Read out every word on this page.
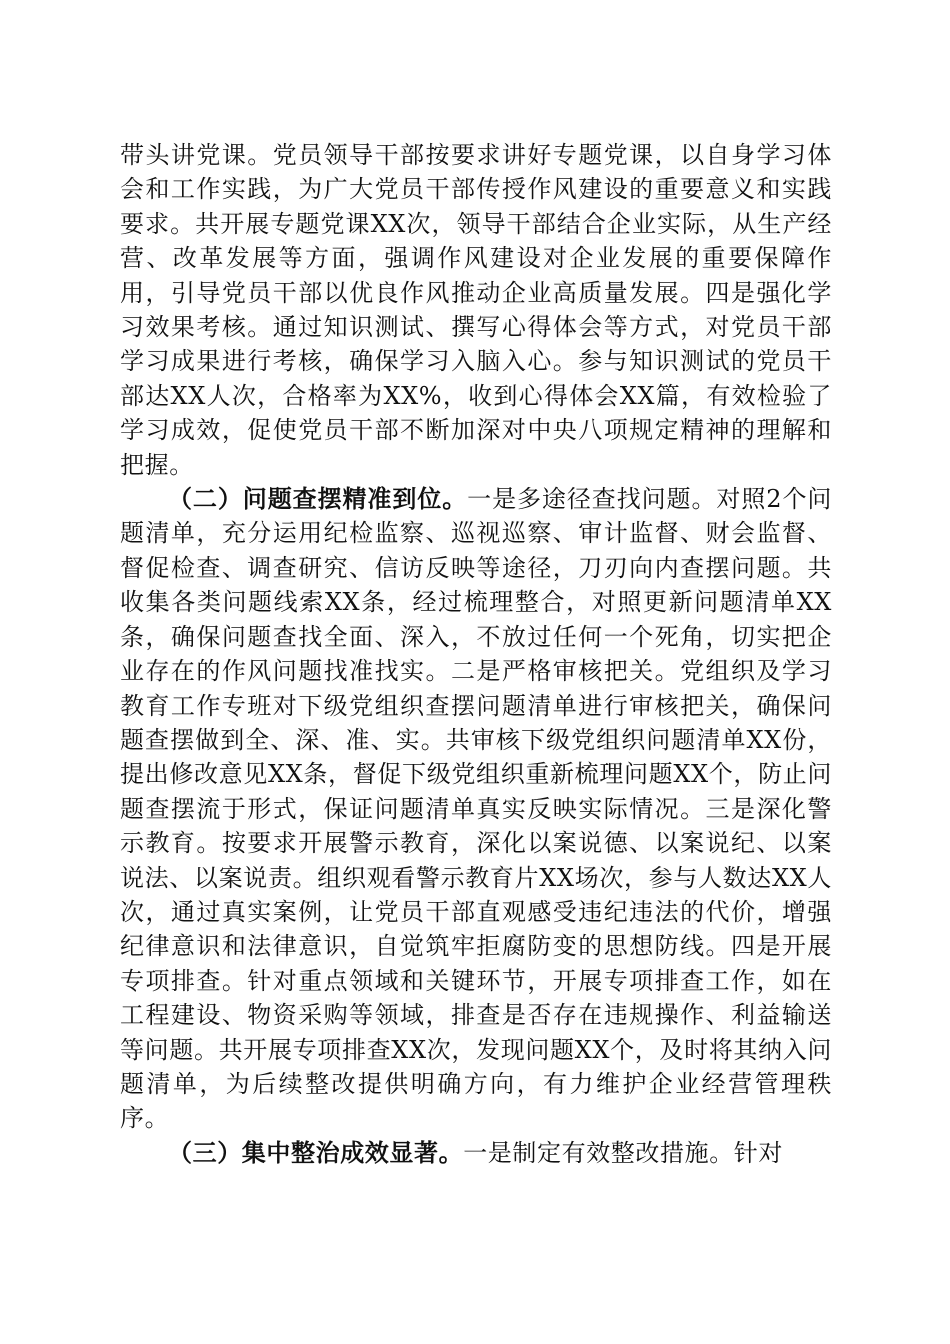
带头讲党课。党员领导干部按要求讲好专题党课，以自身学习体会和工作实践，为广大党员干部传授作风建设的重要意义和实践要求。共开展专题党课XX次，领导干部结合企业实际，从生产经营、改革发展等方面，强调作风建设对企业发展的重要保障作用，引导党员干部以优良作风推动企业高质量发展。四是强化学习效果考核。通过知识测试、撰写心得体会等方式，对党员干部学习成果进行考核，确保学习入脑入心。参与知识测试的党员干部达XX人次，合格率为XX%，收到心得体会XX篇，有效检验了学习成效，促使党员干部不断加深对中央八项规定精神的理解和把握。

（二）问题查摆精准到位。一是多途径查找问题。对照2个问题清单，充分运用纪检监察、巡视巡察、审计监督、财会监督、督促检查、调查研究、信访反映等途径，刀刃向内查摆问题。共收集各类问题线索XX条，经过梳理整合，对照更新问题清单XX条，确保问题查找全面、深入，不放过任何一个死角，切实把企业存在的作风问题找准找实。二是严格审核把关。党组织及学习教育工作专班对下级党组织查摆问题清单进行审核把关，确保问题查摆做到全、深、准、实。共审核下级党组织问题清单XX份，提出修改意见XX条，督促下级党组织重新梳理问题XX个，防止问题查摆流于形式，保证问题清单真实反映实际情况。三是深化警示教育。按要求开展警示教育，深化以案说德、以案说纪、以案说法、以案说责。组织观看警示教育片XX场次，参与人数达XX人次，通过真实案例，让党员干部直观感受违纪违法的代价，增强纪律意识和法律意识，自觉筑牢拒腐防变的思想防线。四是开展专项排查。针对重点领域和关键环节，开展专项排查工作，如在工程建设、物资采购等领域，排查是否存在违规操作、利益输送等问题。共开展专项排查XX次，发现问题XX个，及时将其纳入问题清单，为后续整改提供明确方向，有力维护企业经营管理秩序。

（三）集中整治成效显著。一是制定有效整改措施。针对
